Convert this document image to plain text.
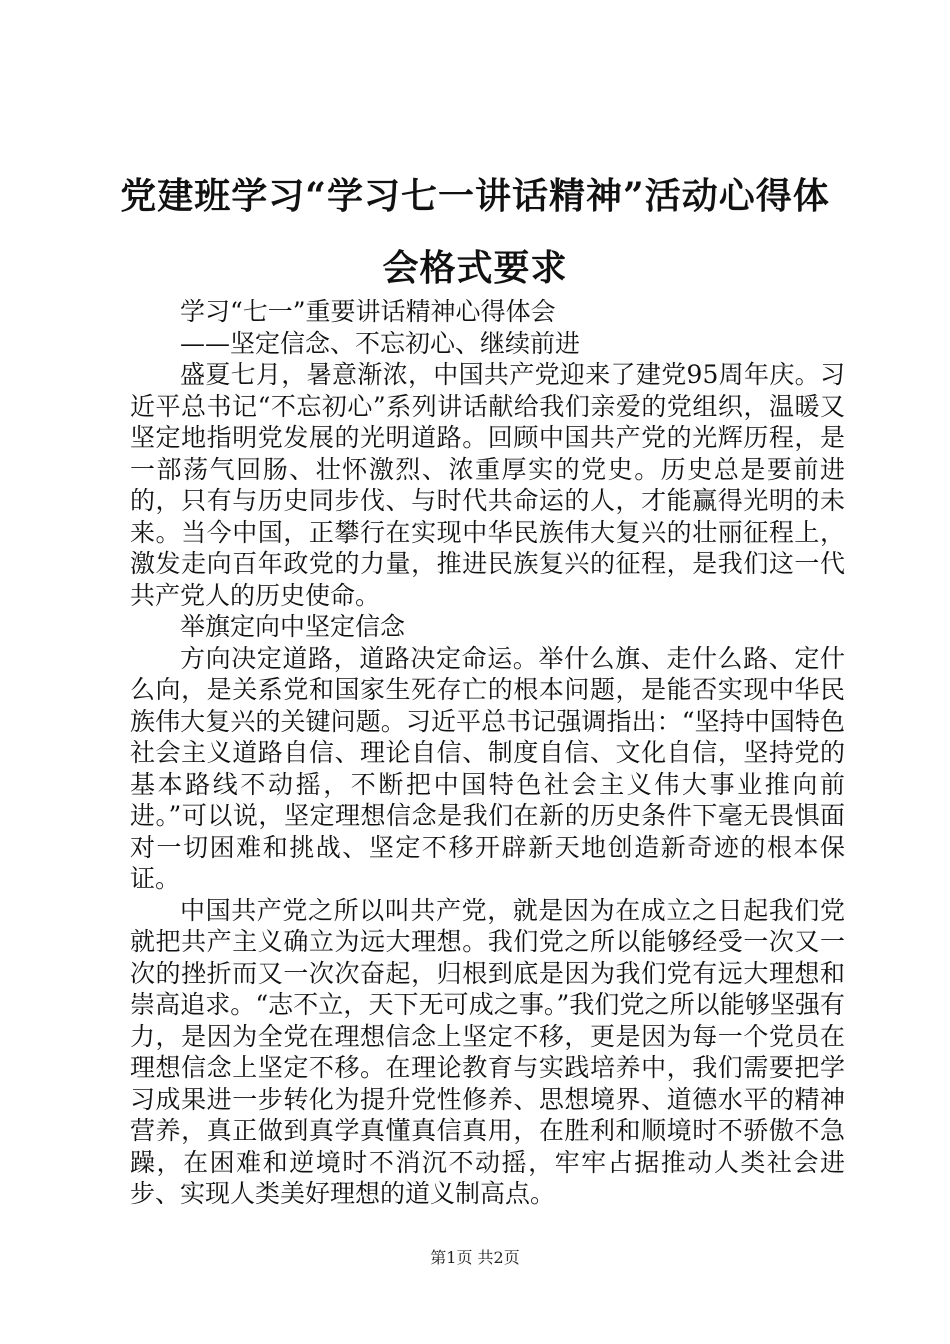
党建班学习“学习七一讲话精神”活动心得体会格式要求

学习“七一”重要讲话精神心得体会

——坚定信念、不忘初心、继续前进

盛夏七月，暑意渐浓，中国共产党迎来了建党95周年庆。习近平总书记“不忘初心”系列讲话献给我们亲爱的党组织，温暖又坚定地指明党发展的光明道路。回顾中国共产党的光辉历程，是一部荡气回肠、壮怀激烈、浓重厚实的党史。历史总是要前进的，只有与历史同步伐、与时代共命运的人，才能赢得光明的未来。当今中国，正攀行在实现中华民族伟大复兴的壮丽征程上，激发走向百年政党的力量，推进民族复兴的征程，是我们这一代共产党人的历史使命。

举旗定向中坚定信念

方向决定道路，道路决定命运。举什么旗、走什么路、定什么向，是关系党和国家生死存亡的根本问题，是能否实现中华民族伟大复兴的关键问题。习近平总书记强调指出：“坚持中国特色社会主义道路自信、理论自信、制度自信、文化自信，坚持党的基本路线不动摇，不断把中国特色社会主义伟大事业推向前进。”可以说，坚定理想信念是我们在新的历史条件下毫无畏惧面对一切困难和挑战、坚定不移开辟新天地创造新奇迹的根本保证。

中国共产党之所以叫共产党，就是因为在成立之日起我们党就把共产主义确立为远大理想。我们党之所以能够经受一次又一次的挫折而又一次次奋起，归根到底是因为我们党有远大理想和崇高追求。“志不立，天下无可成之事。”我们党之所以能够坚强有力，是因为全党在理想信念上坚定不移，更是因为每一个党员在理想信念上坚定不移。在理论教育与实践培养中，我们需要把学习成果进一步转化为提升党性修养、思想境界、道德水平的精神营养，真正做到真学真懂真信真用，在胜利和顺境时不骄傲不急躁，在困难和逆境时不消沉不动摇，牢牢占据推动人类社会进步、实现人类美好理想的道义制高点。

第1页 共2页
